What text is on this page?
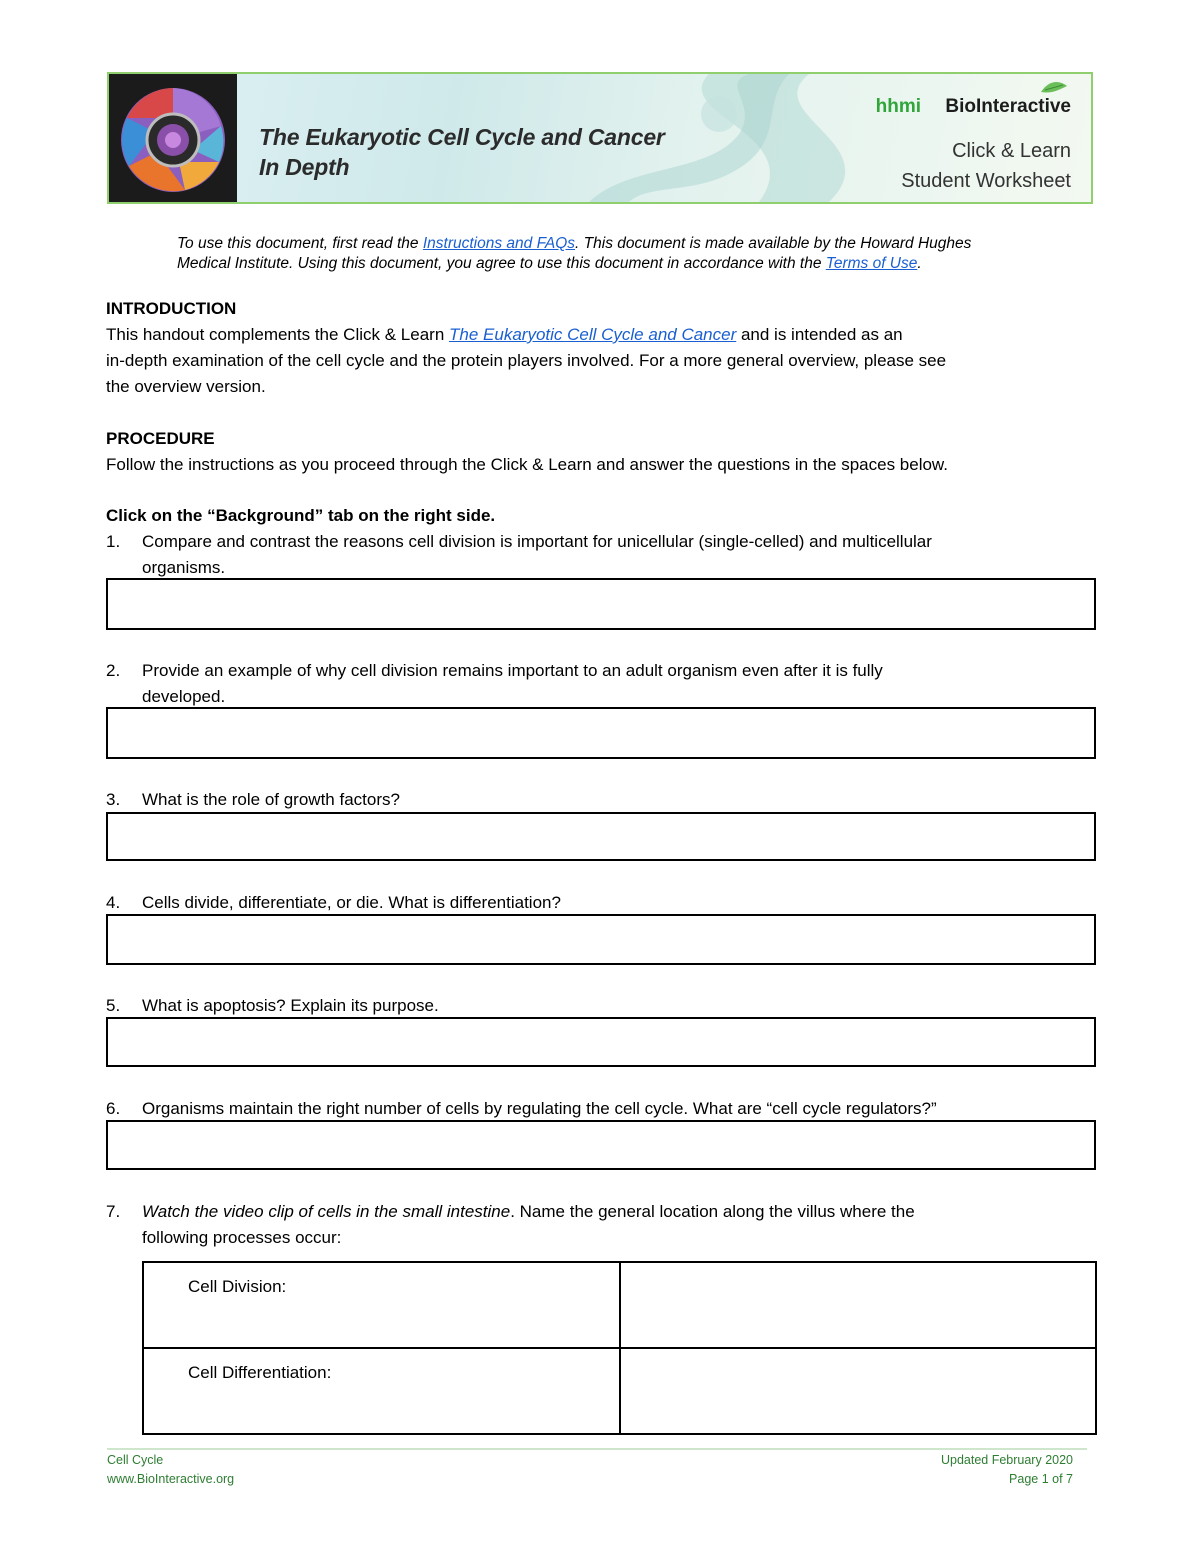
The Eukaryotic Cell Cycle and Cancer
In Depth
hhmi BioInteractive
Click & Learn
Student Worksheet
To use this document, first read the Instructions and FAQs. This document is made available by the Howard Hughes
Medical Institute. Using this document, you agree to use this document in accordance with the Terms of Use.
INTRODUCTION
This handout complements the Click & Learn The Eukaryotic Cell Cycle and Cancer and is intended as an
in-depth examination of the cell cycle and the protein players involved. For a more general overview, please see
the overview version.
PROCEDURE
Follow the instructions as you proceed through the Click & Learn and answer the questions in the spaces below.
Click on the “Background” tab on the right side.
1. Compare and contrast the reasons cell division is important for unicellular (single-celled) and multicellular
organisms.
2. Provide an example of why cell division remains important to an adult organism even after it is fully
developed.
3. What is the role of growth factors?
4. Cells divide, differentiate, or die. What is differentiation?
5. What is apoptosis? Explain its purpose.
6. Organisms maintain the right number of cells by regulating the cell cycle. What are “cell cycle regulators?”
7. Watch the video clip of cells in the small intestine. Name the general location along the villus where the
following processes occur:
Cell Division:	
Cell Differentiation:	
Cell Cycle
www.BioInteractive.org
Updated February 2020
Page 1 of 7
